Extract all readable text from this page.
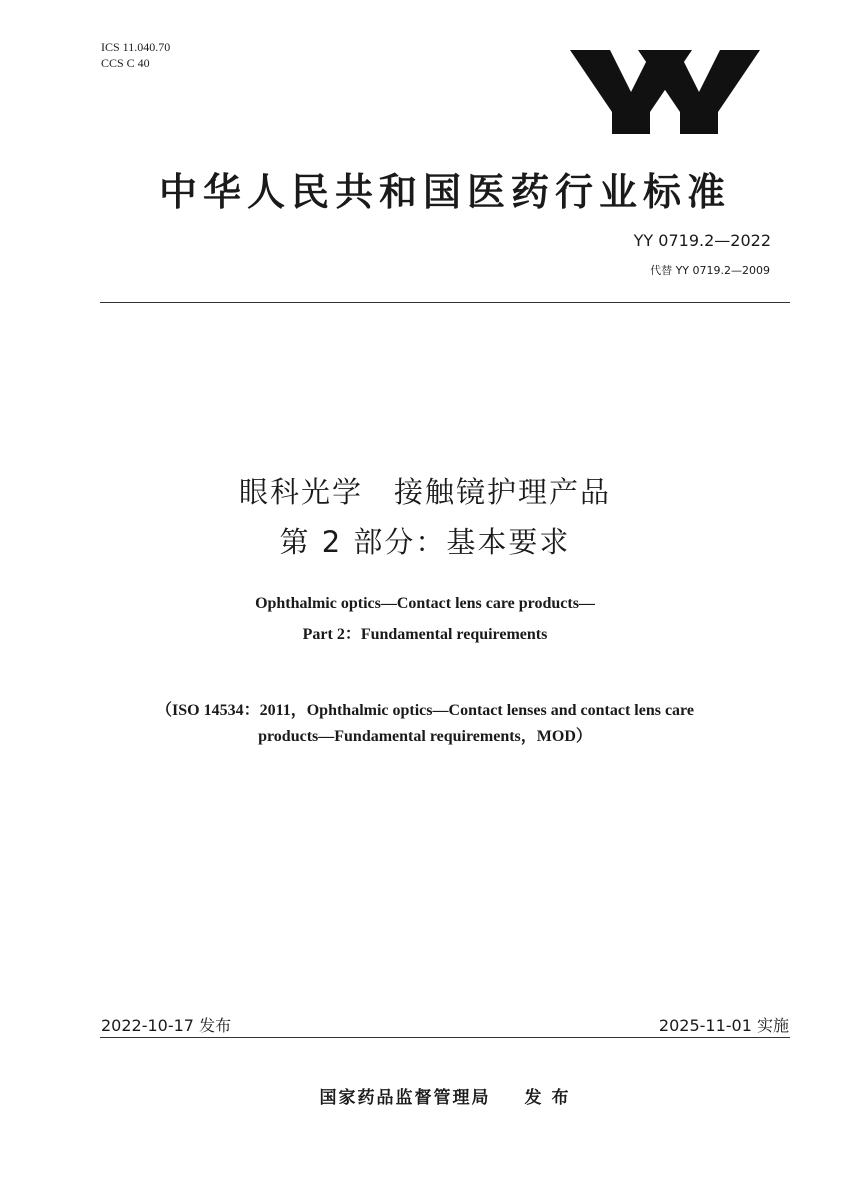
ICS 11.040.70
CCS C 40
中华人民共和国医药行业标准
YY 0719.2—2022
代替 YY 0719.2—2009
眼科光学　接触镜护理产品
第 2 部分：基本要求
Ophthalmic optics—Contact lens care products—
Part 2：Fundamental requirements
（ISO 14534：2011，Ophthalmic optics—Contact lenses and contact lens care
products—Fundamental requirements，MOD）
2022-10-17 发布	2025-11-01 实施
国家药品监督管理局 发 布
